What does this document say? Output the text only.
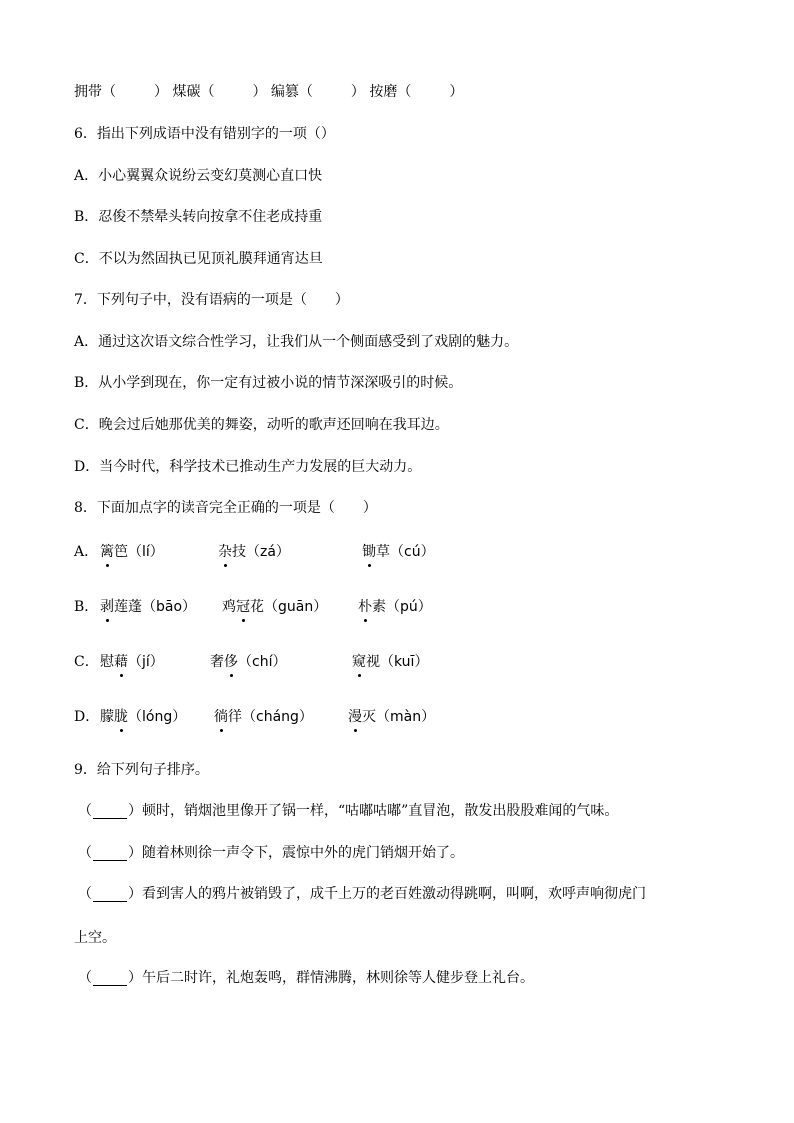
拥带（	） 煤碳（	） 编篡（	） 按磨（	）
6．指出下列成语中没有错别字的一项（）
A．小心翼翼众说纷云变幻莫测心直口快
B．忍俊不禁晕头转向按拿不住老成持重
C．不以为然固执已见顶礼膜拜通宵达旦
7．下列句子中，没有语病的一项是（　　）
A．通过这次语文综合性学习，让我们从一个侧面感受到了戏剧的魅力。
B．从小学到现在，你一定有过被小说的情节深深吸引的时候。
C．晚会过后她那优美的舞姿，动听的歌声还回响在我耳边。
D．当今时代，科学技术已推动生产力发展的巨大动力。
8．下面加点字的读音完全正确的一项是（　　）
A． 篱笆（lí）	杂技（zá）	锄草（cú）
B． 剥莲蓬（bāo） 鸡冠花（guān） 朴素（pú）
C． 慰藉（jí）	奢侈（chí）	窥视（kuī）
D． 朦胧（lóng） 徜徉（cháng）	漫灭（màn）
9．给下列句子排序。
（	）顿时，销烟池里像开了锅一样，“咕嘟咕嘟”直冒泡，散发出股股难闻的气味。
（	）随着林则徐一声令下，震惊中外的虎门销烟开始了。
（	）看到害人的鸦片被销毁了，成千上万的老百姓激动得跳啊，叫啊，欢呼声响彻虎门
上空。
（	）午后二时许，礼炮轰鸣，群情沸腾，林则徐等人健步登上礼台。
